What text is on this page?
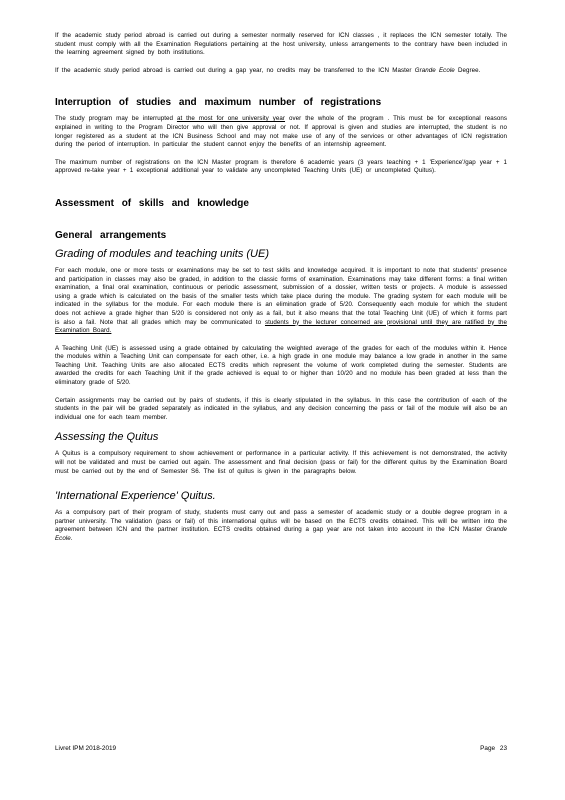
If the academic study period abroad is carried out during a semester normally reserved for ICN classes , it replaces the ICN semester totally. The student must comply with all the Examination Regulations pertaining at the host university, unless arrangements to the contrary have been included in the learning agreement signed by both institutions.

If the academic study period abroad is carried out during a gap year, no credits may be transferred to the ICN Master Grande Ecole Degree.

Interruption of studies and maximum number of registrations

The study program may be interrupted at the most for one university year over the whole of the program . This must be for exceptional reasons explained in writing to the Program Director who will then give approval or not. If approval is given and studies are interrupted, the student is no longer registered as a student at the ICN Business School and may not make use of any of the services or other advantages of ICN registration during the period of interruption. In particular the student cannot enjoy the benefits of an internship agreement.

The maximum number of registrations on the ICN Master program is therefore 6 academic years (3 years teaching + 1 'Experience'/gap year + 1 approved re-take year + 1 exceptional additional year to validate any uncompleted Teaching Units (UE) or uncompleted Quitus).

Assessment of skills and knowledge
General arrangements
Grading of modules and teaching units (UE)

For each module, one or more tests or examinations may be set to test skills and knowledge acquired. It is important to note that students' presence and participation in classes may also be graded, in addition to the classic forms of examination. Examinations may take different forms: a final written examination, a final oral examination, continuous or periodic assessment, submission of a dossier, written tests or projects. A module is assessed using a grade which is calculated on the basis of the smaller tests which take place during the module. The grading system for each module will be indicated in the syllabus for the module. For each module there is an elimination grade of 5/20. Consequently each module for which the student does not achieve a grade higher than 5/20 is considered not only as a fail, but it also means that the total Teaching Unit (UE) of which it forms part is also a fail. Note that all grades which may be communicated to students by the lecturer concerned are provisional until they are ratified by the Examination Board.

A Teaching Unit (UE) is assessed using a grade obtained by calculating the weighted average of the grades for each of the modules within it. Hence the modules within a Teaching Unit can compensate for each other, i.e. a high grade in one module may balance a low grade in another in the same Teaching Unit. Teaching Units are also allocated ECTS credits which represent the volume of work completed during the semester. Students are awarded the credits for each Teaching Unit if the grade achieved is equal to or higher than 10/20 and no module has been graded at less than the eliminatory grade of 5/20.

Certain assignments may be carried out by pairs of students, if this is clearly stipulated in the syllabus. In this case the contribution of each of the students in the pair will be graded separately as indicated in the syllabus, and any decision concerning the pass or fail of the module will also be an individual one for each team member.

Assessing the Quitus

A Quitus is a compulsory requirement to show achievement or performance in a particular activity. If this achievement is not demonstrated, the activity will not be validated and must be carried out again. The assessment and final decision (pass or fail) for the different quitus by the Examination Board must be carried out by the end of Semester S6. The list of quitus is given in the paragraphs below.

'International Experience' Quitus.

As a compulsory part of their program of study, students must carry out and pass a semester of academic study or a double degree program in a partner university. The validation (pass or fail) of this international quitus will be based on the ECTS credits obtained. This will be written into the agreement between ICN and the partner institution. ECTS credits obtained during a gap year are not taken into account in the ICN Master Grande Ecole.

Livret IPM 2018-2019	Page 23
